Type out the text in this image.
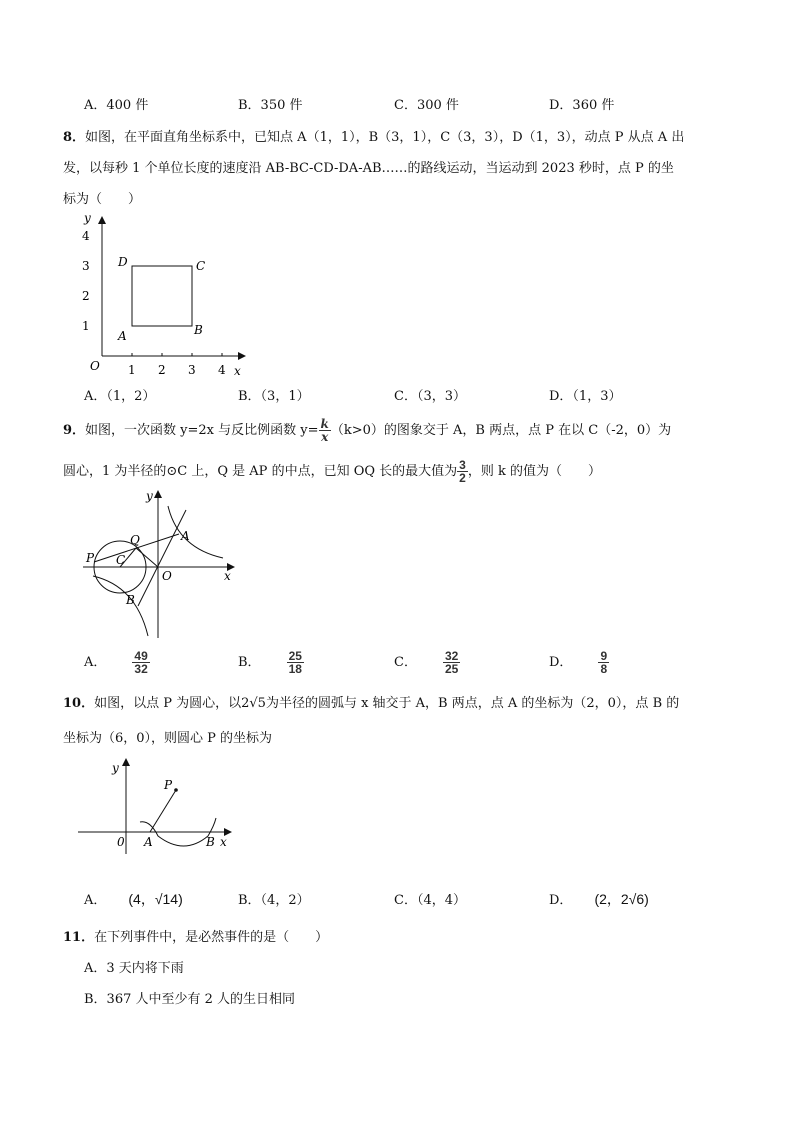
A．400 件	B．350 件	C．300 件	D．360 件
8．如图，在平面直角坐标系中，已知点 A（1，1），B（3，1），C（3，3），D（1，3），动点 P 从点 A 出
发，以每秒 1 个单位长度的速度沿 AB-BC-CD-DA-AB……的路线运动，当运动到 2023 秒时，点 P 的坐
标为（　　）
y
x
O
4
3
2
1
1 2 3 4
A	B
C
D
A．（1，2）	B．（3，1）	C．（3，3）	D．（1，3）
9．如图，一次函数 y=2x 与反比例函数 $y= \frac{k}{x} (k>0)$的图象交于 A，B 两点，点 P 在以 C（-2，0）为
圆心，1 为半径的⊙C 上，Q 是 AP 的中点，已知 OQ 长的最大值为 $\frac{3}{2}$ ，则 k 的值为（　　）
y
x
O
A
B
C
P
Q
A． $\frac{49}{32}$	B． $\frac{25}{18}$	C． $\frac{32}{25}$	D． $\frac{9}{8}$
10．如图，以点 P 为圆心，以2√5为半径的圆弧与 x 轴交于 A，B 两点，点 A 的坐标为（2，0），点 B 的
坐标为（6，0），则圆心 P 的坐标为
y
x
0
P
A	B
A． (4，√14)	B．（4，2）	C．（4，4）	D． (2，2√6)
11．在下列事件中，是必然事件的是（　　）
A．3 天内将下雨
B．367 人中至少有 2 人的生日相同
